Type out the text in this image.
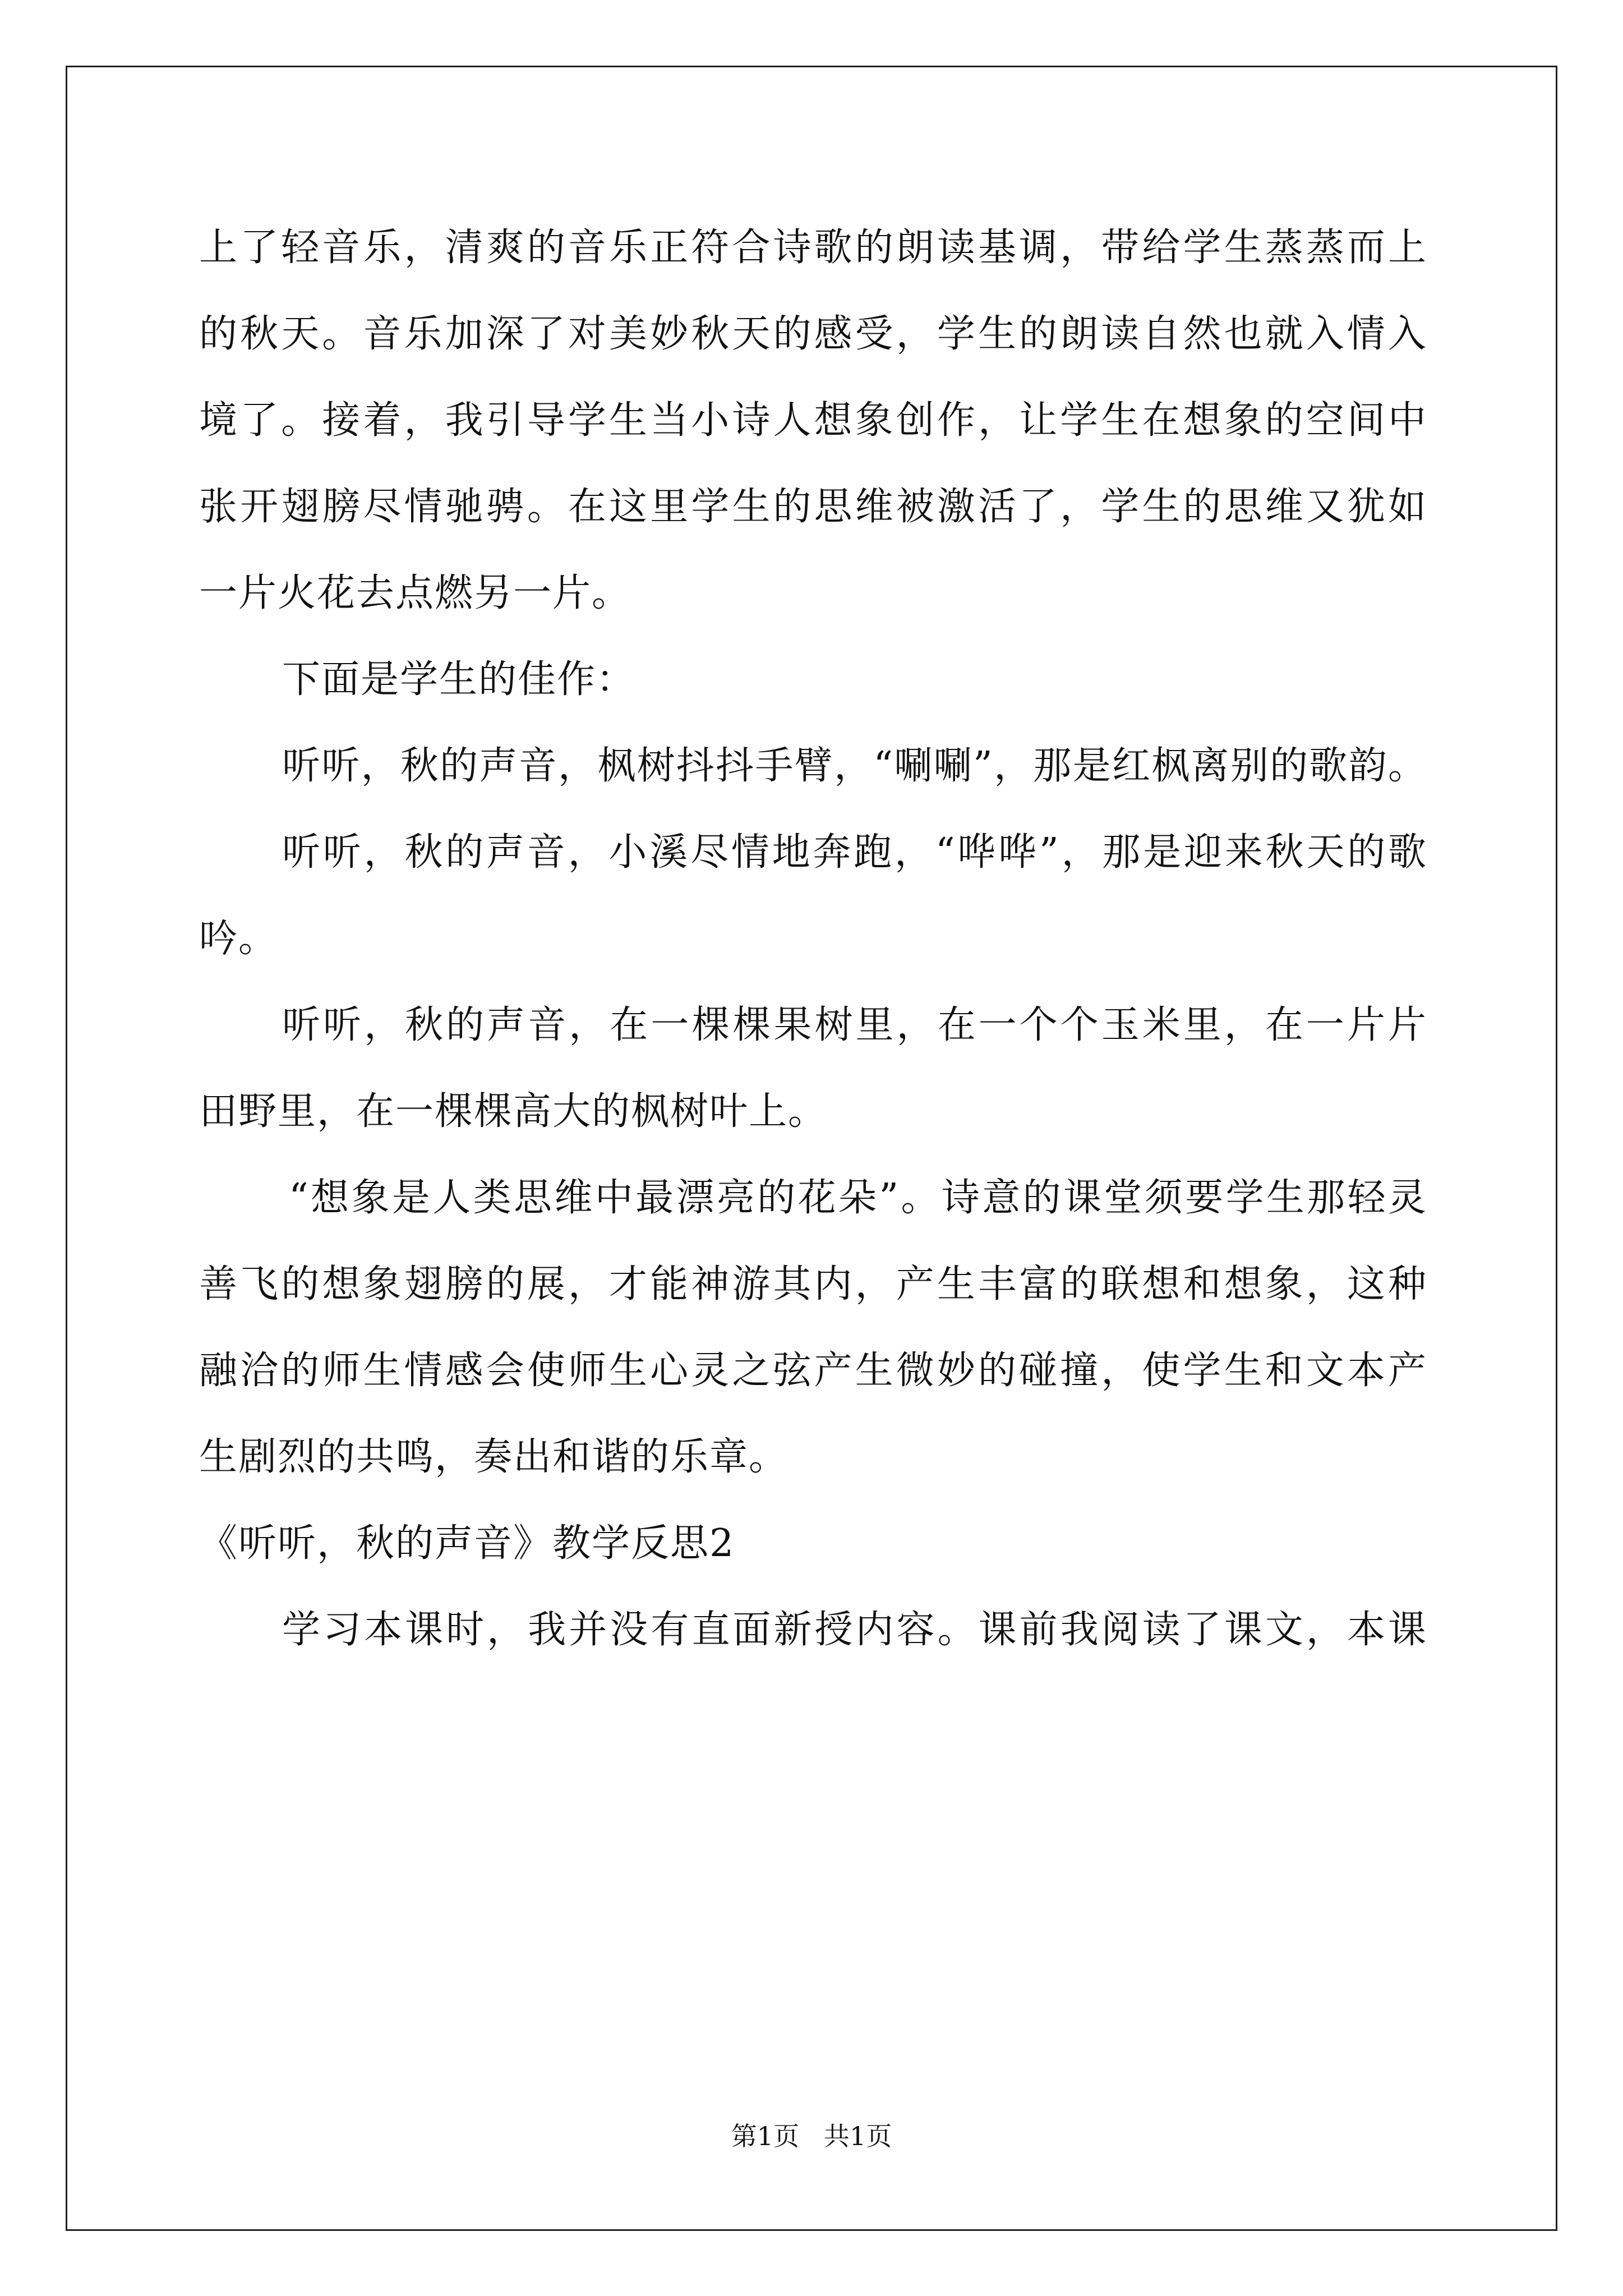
上了轻音乐，清爽的音乐正符合诗歌的朗读基调，带给学生蒸蒸而上
的秋天。音乐加深了对美妙秋天的感受，学生的朗读自然也就入情入
境了。接着，我引导学生当小诗人想象创作，让学生在想象的空间中
张开翅膀尽情驰骋。在这里学生的思维被激活了，学生的思维又犹如
一片火花去点燃另一片。
下面是学生的佳作：
听听，秋的声音，枫树抖抖手臂，“唰唰”，那是红枫离别的歌韵。
听听，秋的声音，小溪尽情地奔跑，“哗哗”，那是迎来秋天的歌
吟。
听听，秋的声音，在一棵棵果树里，在一个个玉米里，在一片片
田野里，在一棵棵高大的枫树叶上。
“想象是人类思维中最漂亮的花朵”。诗意的课堂须要学生那轻灵
善飞的想象翅膀的展，才能神游其内，产生丰富的联想和想象，这种
融洽的师生情感会使师生心灵之弦产生微妙的碰撞，使学生和文本产
生剧烈的共鸣，奏出和谐的乐章。
《听听，秋的声音》教学反思2
学习本课时，我并没有直面新授内容。课前我阅读了课文，本课
第1页   共1页
